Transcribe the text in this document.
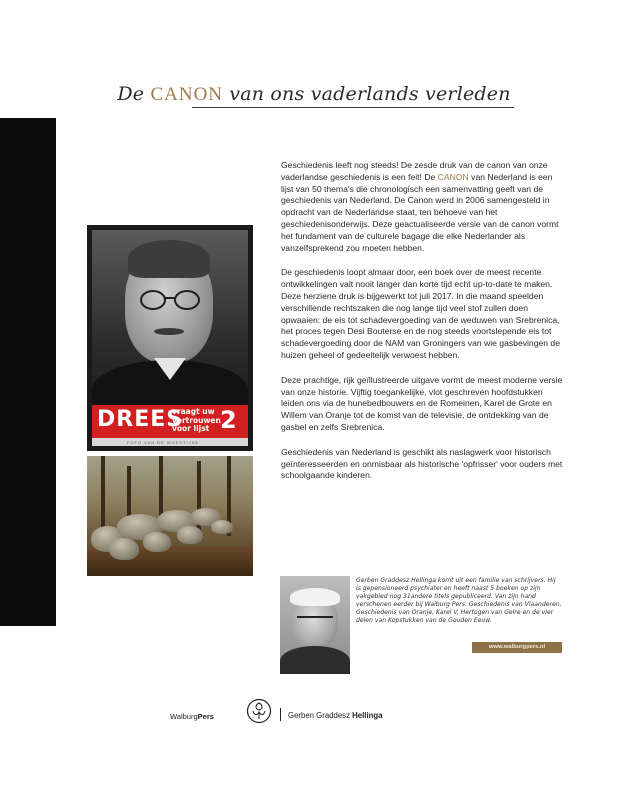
De CANON van ons vaderlands verleden
DREES
vraagt uw vertrouwen voor lijst 2
FOTO VAN DE WOESTIJNE

Geschiedenis leeft nog steeds! De zesde druk van de canon van onze vaderlandse geschiedenis is een feit! De CANON van Nederland is een lijst van 50 thema's die chronologisch een samenvatting geeft van de geschiedenis van Nederland. De Canon werd in 2006 samengesteld in opdracht van de Nederlandse staat, ten behoeve van het geschiedenisonderwijs. Deze geactualiseerde versie van de canon vormt het fundament van de culturele bagage die elke Nederlander als vanzelfsprekend zou moeten hebben.

De geschiedenis loopt almaar door, een boek over de meest recente ontwikkelingen valt nooit langer dan korte tijd echt up-to-date te maken. Deze herziene druk is bijgewerkt tot juli 2017. In die maand speelden verschillende rechtszaken die nog lange tijd veel stof zullen doen opwaaien: de eis tot schadevergoeding van de weduwen van Srebrenica, het proces tegen Desi Bouterse en de nog steeds voortslepende eis tot schadevergoeding door de NAM van Groningers van wie gasbevingen de huizen geheel of gedeeltelijk verwoest hebben.

Deze prachtige, rijk geïllustreerde uitgave vormt de meest moderne versie van onze historie. Vijftig toegankelijke, vlot geschreven hoofdstukken leiden ons via de hunebedbouwers en de Romeinen, Karel de Grote en Willem van Oranje tot de komst van de televisie, de ontdekking van de gasbel en zelfs Srebrenica.

Geschiedenis van Nederland is geschikt als naslagwerk voor historisch geïnteresseerden en onmisbaar als historische 'opfrisser' voor ouders met schoolgaande kinderen.

Gerben Graddesz Hellinga komt uit een familie van schrijvers. Hij is gepensioneerd psychiater en heeft naast 5 boeken op zijn vakgebied nog 31andere titels gepubliceerd. Van zijn hand verschenen eerder bij Walburg Pers: Geschiedenis van Vlaanderen, Geschiedenis van Oranje, Karel V, Hertogen van Gelre en de vier delen van Kopstukken van de Gouden Eeuw.
www.walburgpers.nl
WalburgPers	Gerben Graddesz Hellinga
